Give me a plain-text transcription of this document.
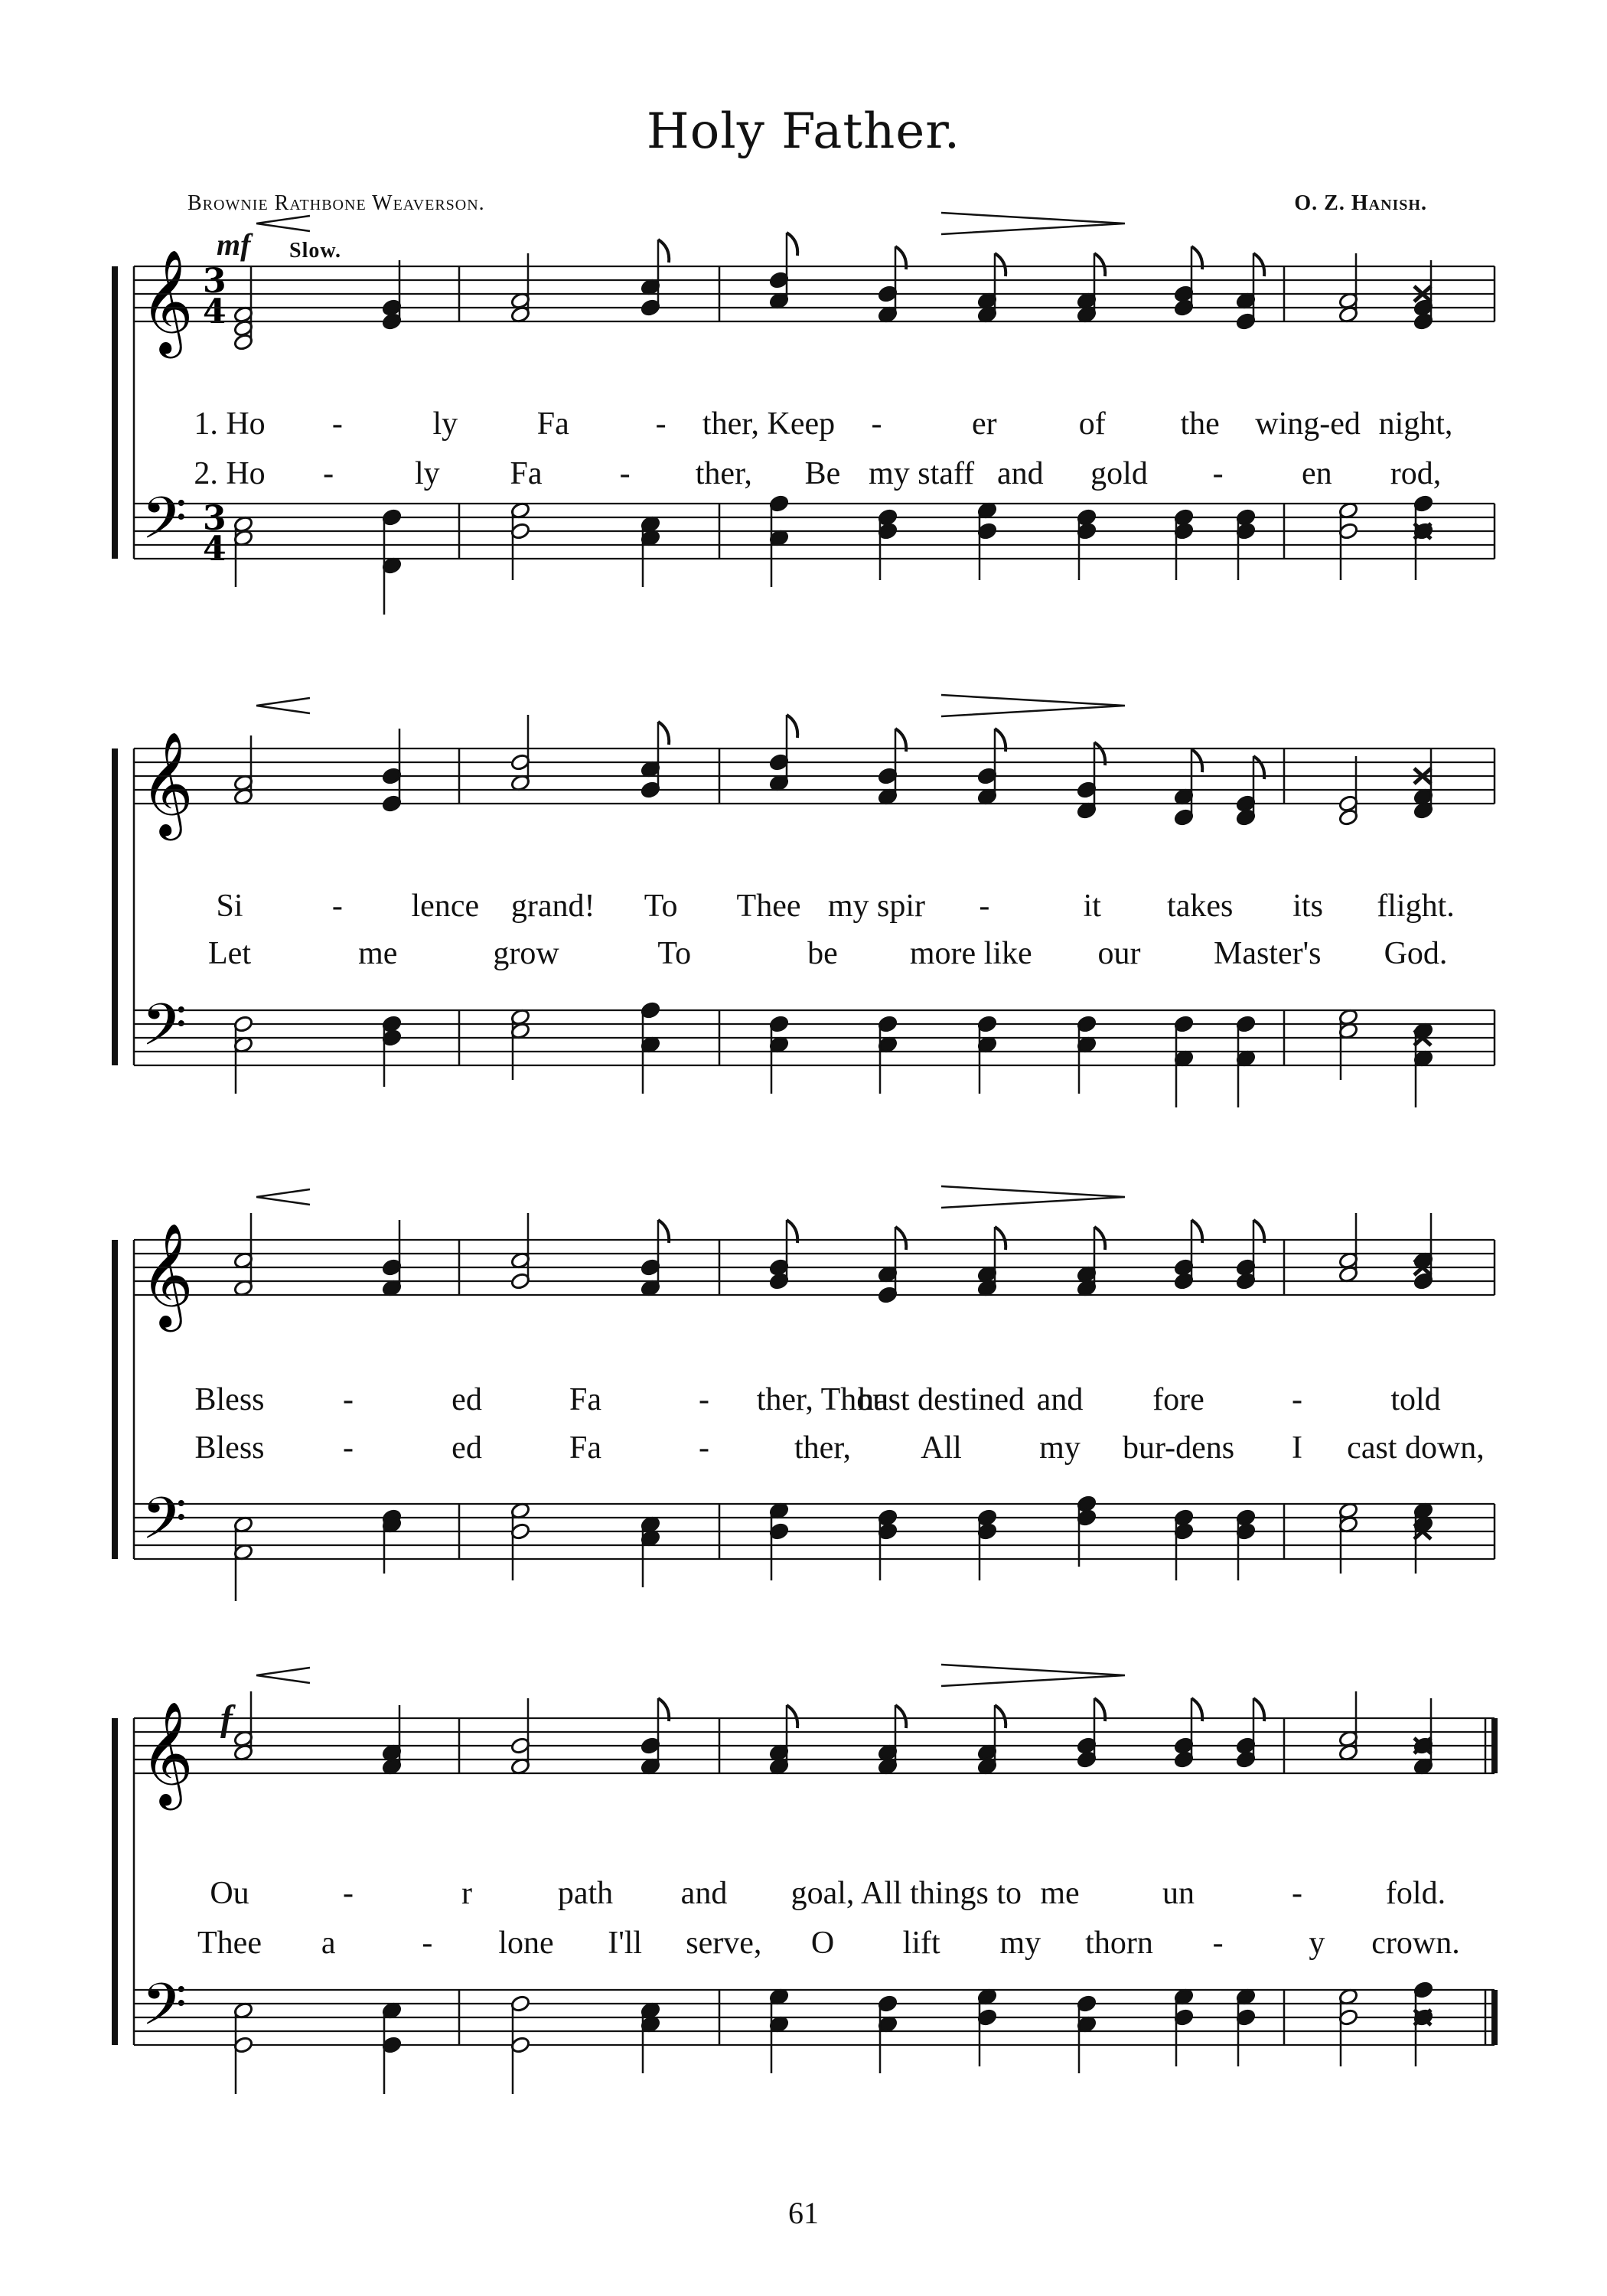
Holy Father.
Brownie Rathbone Weaverson.	O. Z. Hanish.
𝄞
𝄢
3
4
3
4
𝄞
𝄢
𝄞
𝄢
𝄞
𝄢
mf Slow.
f
1. Ho -	ly Fa	- ther, Keep -	er	of the wing-ed night,
2. Ho -	ly Fa - ther, Be my staff and gold - en rod,
Si	- lence grand! To Thee my spir -	it takes its flight.
Let	me	grow	To	be more like our Master's God.
Bless -	ed	Fa	- ther, Thou
hast destined and fore	-	told
Bless -	ed	Fa	-	ther, All my bur-dens I cast down,
Ou	-	r	path and goal, All things to me	un	-	fold.
Thee a	- lone I'll serve, O lift my thorn -	y crown.
61
